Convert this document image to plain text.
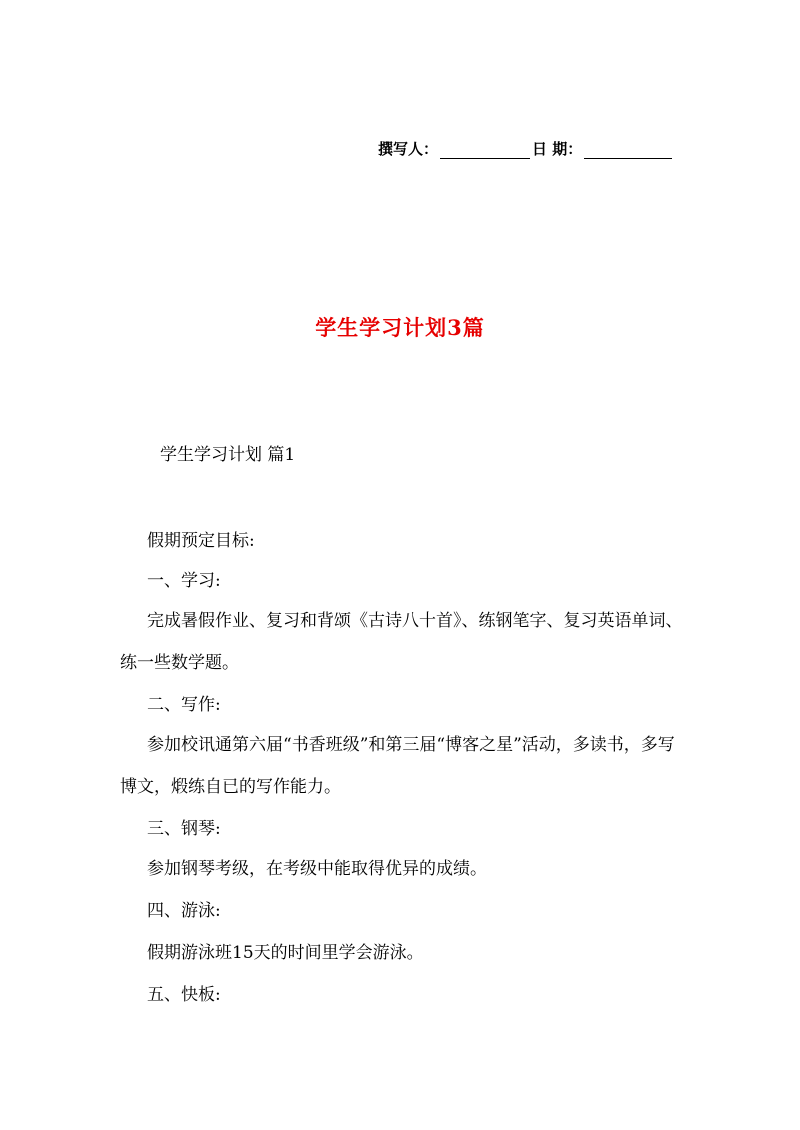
撰写人：	日 期：
学生学习计划3篇
学生学习计划 篇1
假期预定目标:
一、学习:
完成暑假作业、复习和背颂《古诗八十首》、练钢笔字、复习英语单词、练一些数学题。
二、写作:
参加校讯通第六届“书香班级”和第三届“博客之星”活动，多读书，多写博文，煅练自已的写作能力。
三、钢琴:
参加钢琴考级，在考级中能取得优异的成绩。
四、游泳:
假期游泳班15天的时间里学会游泳。
五、快板:
